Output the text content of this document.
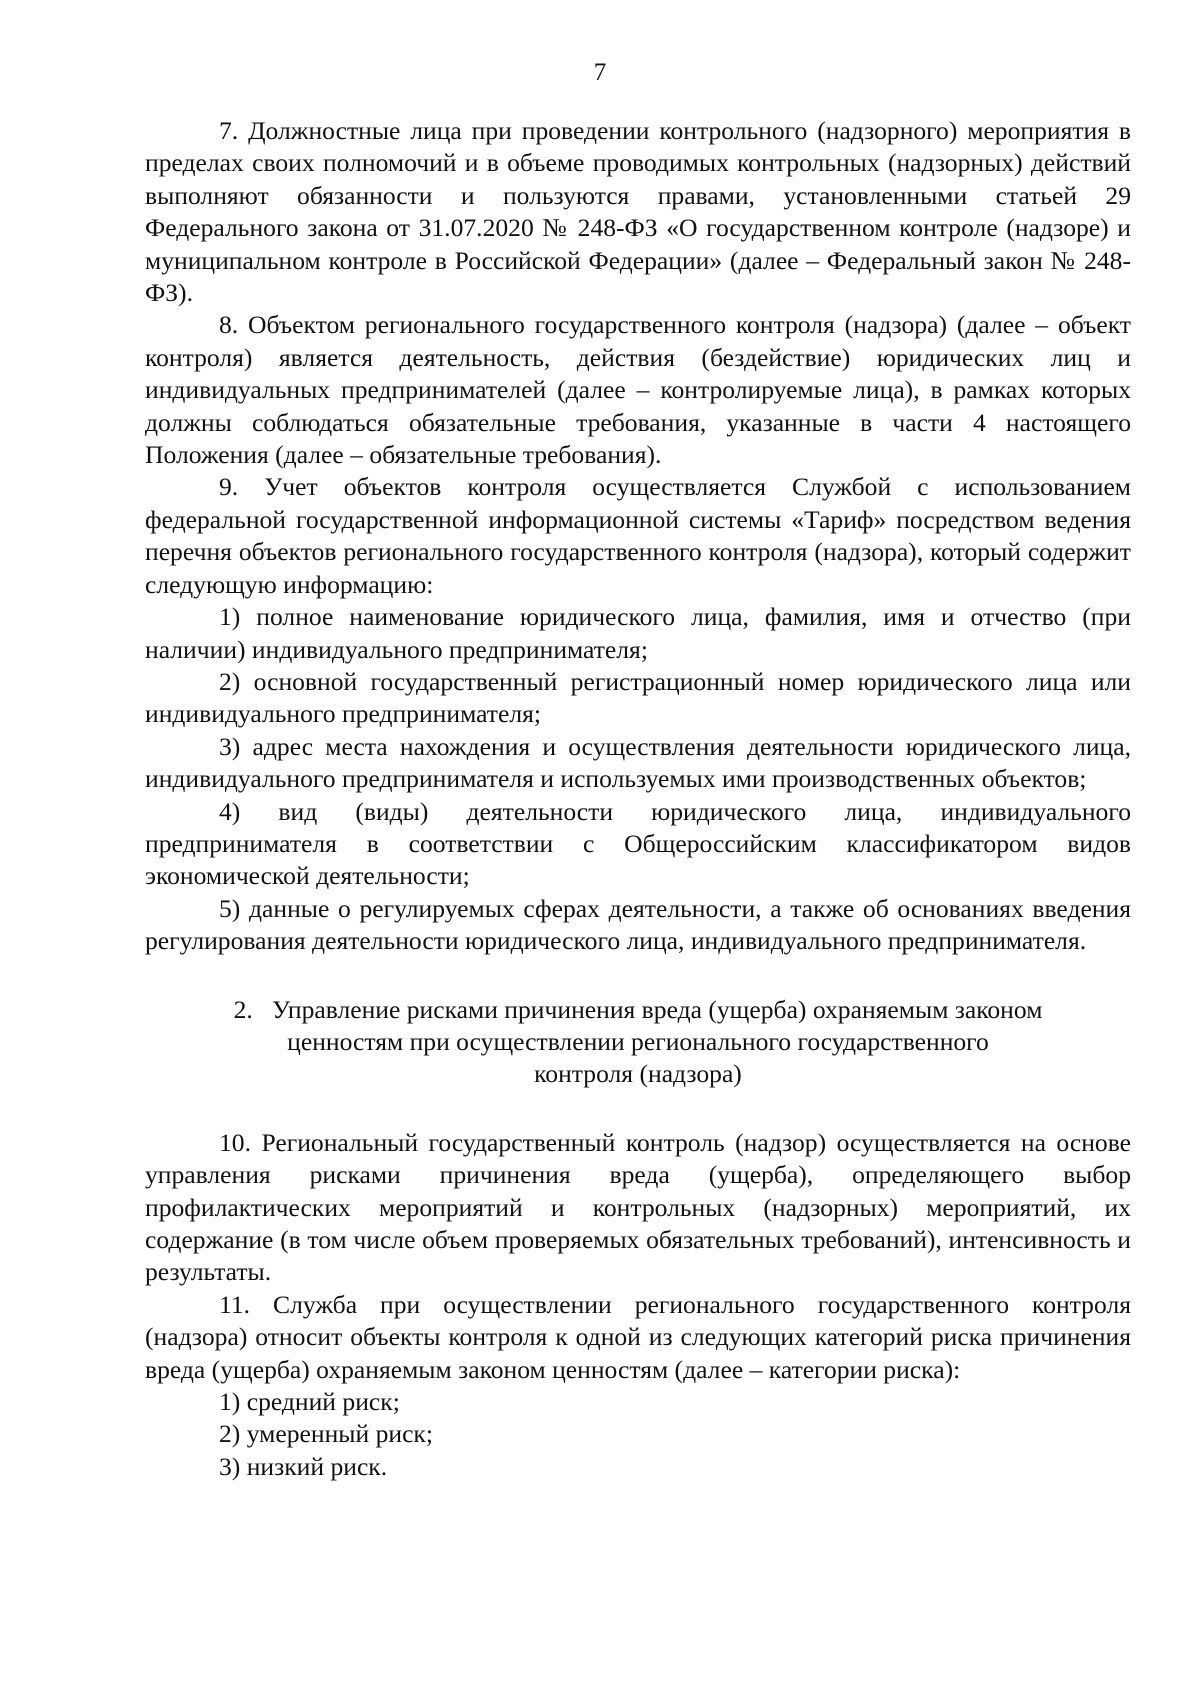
7

7. Должностные лица при проведении контрольного (надзорного) мероприятия в пределах своих полномочий и в объеме проводимых контрольных (надзорных) действий выполняют обязанности и пользуются правами, установленными статьей 29 Федерального закона от 31.07.2020 № 248-ФЗ «О государственном контроле (надзоре) и муниципальном контроле в Российской Федерации» (далее – Федеральный закон № 248-ФЗ).

8. Объектом регионального государственного контроля (надзора) (далее – объект контроля) является деятельность, действия (бездействие) юридических лиц и индивидуальных предпринимателей (далее – контролируемые лица), в рамках которых должны соблюдаться обязательные требования, указанные в части 4 настоящего Положения (далее – обязательные требования).

9. Учет объектов контроля осуществляется Службой с использованием федеральной государственной информационной системы «Тариф» посредством ведения перечня объектов регионального государственного контроля (надзора), который содержит следующую информацию:

1) полное наименование юридического лица, фамилия, имя и отчество (при наличии) индивидуального предпринимателя;

2) основной государственный регистрационный номер юридического лица или индивидуального предпринимателя;

3) адрес места нахождения и осуществления деятельности юридического лица, индивидуального предпринимателя и используемых ими производственных объектов;

4) вид (виды) деятельности юридического лица, индивидуального предпринимателя в соответствии с Общероссийским классификатором видов экономической деятельности;

5) данные о регулируемых сферах деятельности, а также об основаниях введения регулирования деятельности юридического лица, индивидуального предпринимателя.

2.   Управление рисками причинения вреда (ущерба) охраняемым законом
ценностям при осуществлении регионального государственного
контроля (надзора)

10. Региональный государственный контроль (надзор) осуществляется на основе управления рисками причинения вреда (ущерба), определяющего выбор профилактических мероприятий и контрольных (надзорных) мероприятий, их содержание (в том числе объем проверяемых обязательных требований), интенсивность и результаты.

11. Служба при осуществлении регионального государственного контроля (надзора) относит объекты контроля к одной из следующих категорий риска причинения вреда (ущерба) охраняемым законом ценностям (далее – категории риска):

1) средний риск;

2) умеренный риск;

3) низкий риск.
